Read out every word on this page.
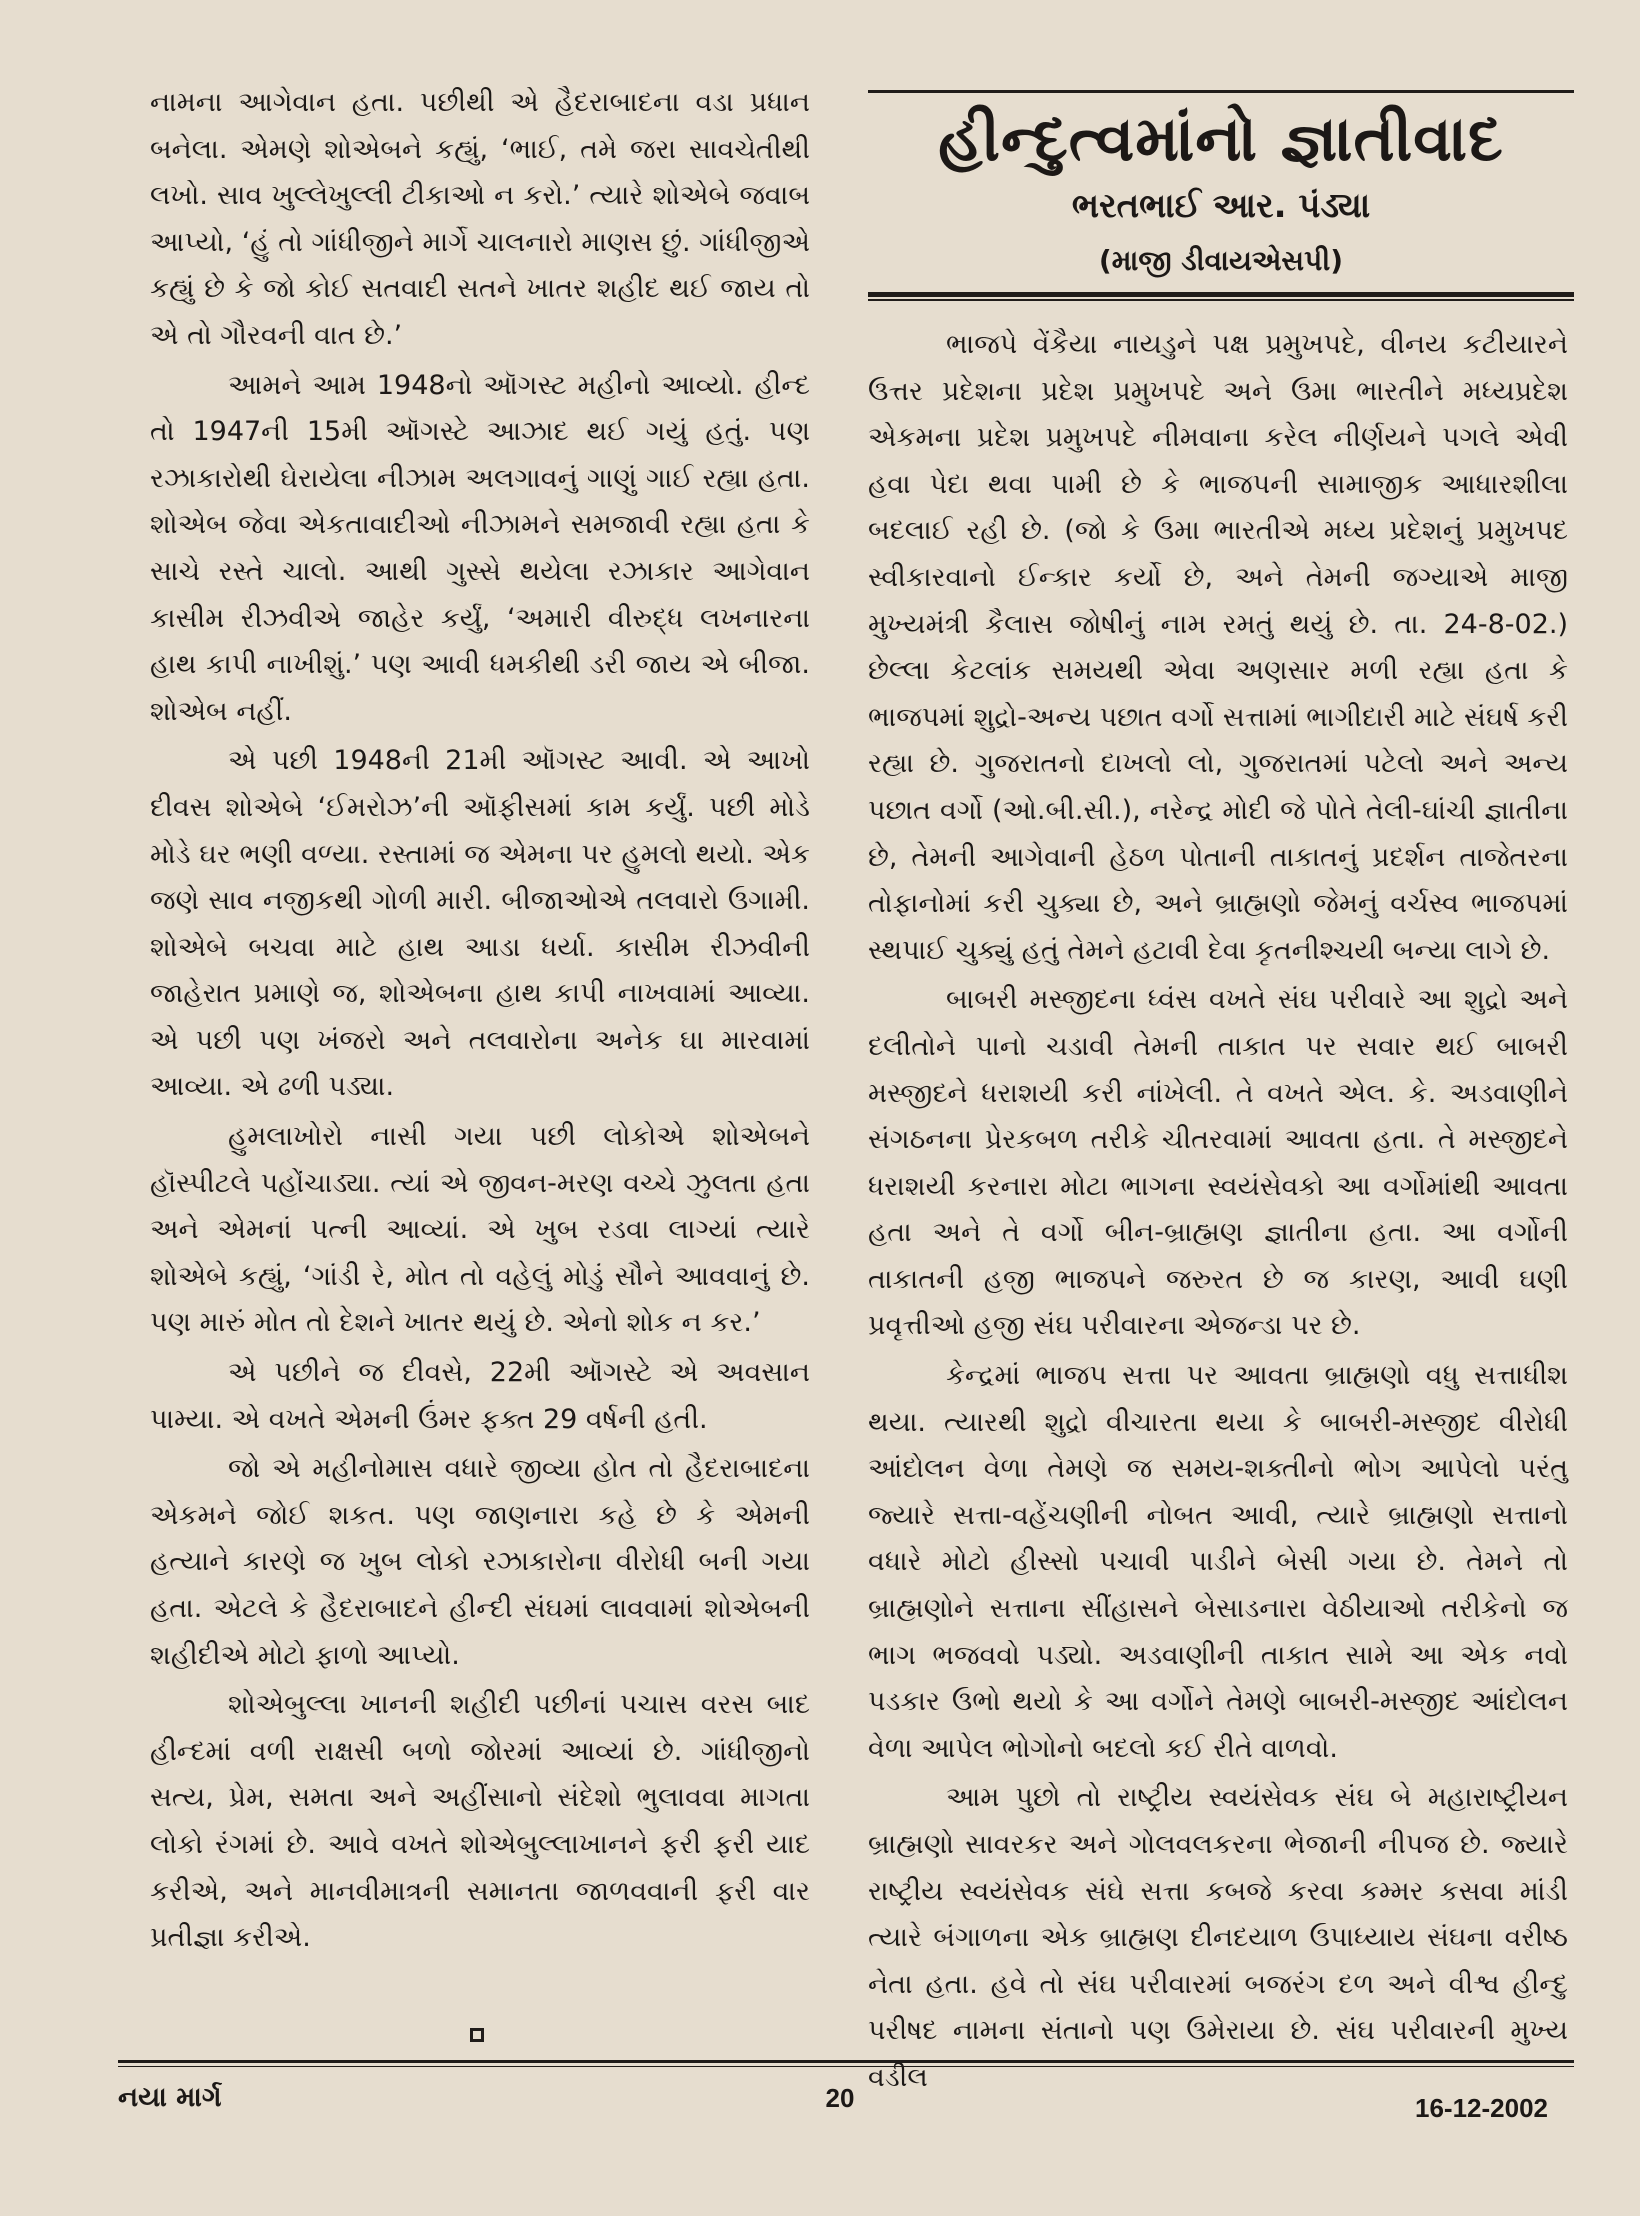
નામના આગેવાન હતા. પછીથી એ હૈદરાબાદના વડા પ્રધાન બનેલા. એમણે શોએબને કહ્યું, ‘ભાઈ, તમે જરા સાવચેતીથી લખો. સાવ ખુલ્લેખુલ્લી ટીકાઓ ન કરો.’ ત્યારે શોએબે જવાબ આપ્યો, ‘હું તો ગાંધીજીને માર્ગે ચાલનારો માણસ છું. ગાંધીજીએ કહ્યું છે કે જો કોઈ સતવાદી સતને ખાતર શહીદ થઈ જાય તો એ તો ગૌરવની વાત છે.’

આમને આમ 1948નો ઑગસ્ટ મહીનો આવ્યો. હીન્દ તો 1947ની 15મી ઑગસ્ટે આઝાદ થઈ ગયું હતું. પણ રઝાકારોથી ઘેરાયેલા નીઝામ અલગાવનું ગાણું ગાઈ રહ્યા હતા. શોએબ જેવા એકતાવાદીઓ નીઝામને સમજાવી રહ્યા હતા કે સાચે રસ્તે ચાલો. આથી ગુસ્સે થયેલા રઝાકાર આગેવાન કાસીમ રીઝવીએ જાહેર કર્યું, ‘અમારી વીરુદ્ધ લખનારના હાથ કાપી નાખીશું.’ પણ આવી ધમકીથી ડરી જાય એ બીજા. શોએબ નહીં.

એ પછી 1948ની 21મી ઑગસ્ટ આવી. એ આખો દીવસ શોએબે ‘ઈમરોઝ’ની ઑફીસમાં કામ કર્યું. પછી મોડે મોડે ઘર ભણી વળ્યા. રસ્તામાં જ એમના પર હુમલો થયો. એક જણે સાવ નજીકથી ગોળી મારી. બીજાઓએ તલવારો ઉગામી. શોએબે બચવા માટે હાથ આડા ધર્યા. કાસીમ રીઝવીની જાહેરાત પ્રમાણે જ, શોએબના હાથ કાપી નાખવામાં આવ્યા. એ પછી પણ ખંજરો અને તલવારોના અનેક ઘા મારવામાં આવ્યા. એ ઢળી પડ્યા.

હુમલાખોરો નાસી ગયા પછી લોકોએ શોએબને હૉસ્પીટલે પહોંચાડ્યા. ત્યાં એ જીવન-મરણ વચ્ચે ઝુલતા હતા અને એમનાં પત્ની આવ્યાં. એ ખુબ રડવા લાગ્યાં ત્યારે શોએબે કહ્યું, ‘ગાંડી રે, મોત તો વહેલું મોડું સૌને આવવાનું છે. પણ મારું મોત તો દેશને ખાતર થયું છે. એનો શોક ન કર.’

એ પછીને જ દીવસે, 22મી ઑગસ્ટે એ અવસાન પામ્યા. એ વખતે એમની ઉંમર ફક્ત 29 વર્ષની હતી.

જો એ મહીનોમાસ વધારે જીવ્યા હોત તો હૈદરાબાદના એકમને જોઈ શકત. પણ જાણનારા કહે છે કે એમની હત્યાને કારણે જ ખુબ લોકો રઝાકારોના વીરોધી બની ગયા હતા. એટલે કે હૈદરાબાદને હીન્દી સંઘમાં લાવવામાં શોએબની શહીદીએ મોટો ફાળો આપ્યો.

શોએબુલ્લા ખાનની શહીદી પછીનાં પચાસ વરસ બાદ હીન્દમાં વળી રાક્ષસી બળો જોરમાં આવ્યાં છે. ગાંધીજીનો સત્ય, પ્રેમ, સમતા અને અહીંસાનો સંદેશો ભુલાવવા માગતા લોકો રંગમાં છે. આવે વખતે શોએબુલ્લાખાનને ફરી ફરી યાદ કરીએ, અને માનવીમાત્રની સમાનતા જાળવવાની ફરી વાર પ્રતીજ્ઞા કરીએ.

હીન્દુત્વમાંનો જ્ઞાતીવાદ
ભરતભાઈ આર. પંડ્યા
(માજી ડીવાયએસપી)

ભાજપે વેંકૈયા નાયડુને પક્ષ પ્રમુખપદે, વીનય કટીયારને ઉત્તર પ્રદેશના પ્રદેશ પ્રમુખપદે અને ઉમા ભારતીને મધ્યપ્રદેશ એકમના પ્રદેશ પ્રમુખપદે નીમવાના કરેલ નીર્ણયને પગલે એવી હવા પેદા થવા પામી છે કે ભાજપની સામાજીક આધારશીલા બદલાઈ રહી છે. (જો કે ઉમા ભારતીએ મધ્ય પ્રદેશનું પ્રમુખપદ સ્વીકારવાનો ઈન્કાર કર્યો છે, અને તેમની જગ્યાએ માજી મુખ્યમંત્રી કૈલાસ જોષીનું નામ રમતું થયું છે. તા. 24-8-02.) છેલ્લા કેટલાંક સમયથી એવા અણસાર મળી રહ્યા હતા કે ભાજપમાં શુદ્રો-અન્ય પછાત વર્ગો સત્તામાં ભાગીદારી માટે સંઘર્ષ કરી રહ્યા છે. ગુજરાતનો દાખલો લો, ગુજરાતમાં પટેલો અને અન્ય પછાત વર્ગો (ઓ.બી.સી.), નરેન્દ્ર મોદી જે પોતે તેલી-ઘાંચી જ્ઞાતીના છે, તેમની આગેવાની હેઠળ પોતાની તાકાતનું પ્રદર્શન તાજેતરના તોફાનોમાં કરી ચુક્યા છે, અને બ્રાહ્મણો જેમનું વર્ચસ્વ ભાજપમાં સ્થપાઈ ચુક્યું હતું તેમને હટાવી દેવા કૃતનીશ્ચયી બન્યા લાગે છે.

બાબરી મસ્જીદના ધ્વંસ વખતે સંઘ પરીવારે આ શુદ્રો અને દલીતોને પાનો ચડાવી તેમની તાકાત પર સવાર થઈ બાબરી મસ્જીદને ધરાશયી કરી નાંખેલી. તે વખતે એલ. કે. અડવાણીને સંગઠનના પ્રેરકબળ તરીકે ચીતરવામાં આવતા હતા. તે મસ્જીદને ધરાશયી કરનારા મોટા ભાગના સ્વયંસેવકો આ વર્ગોમાંથી આવતા હતા અને તે વર્ગો બીન-બ્રાહ્મણ જ્ઞાતીના હતા. આ વર્ગોની તાકાતની હજી ભાજપને જરુરત છે જ કારણ, આવી ઘણી પ્રવૃત્તીઓ હજી સંઘ પરીવારના એજન્ડા પર છે.

કેન્દ્રમાં ભાજપ સત્તા પર આવતા બ્રાહ્મણો વધુ સત્તાધીશ થયા. ત્યારથી શુદ્રો વીચારતા થયા કે બાબરી-મસ્જીદ વીરોધી આંદોલન વેળા તેમણે જ સમય-શક્તીનો ભોગ આપેલો પરંતુ જ્યારે સત્તા-વહેંચણીની નોબત આવી, ત્યારે બ્રાહ્મણો સત્તાનો વધારે મોટો હીસ્સો પચાવી પાડીને બેસી ગયા છે. તેમને તો બ્રાહ્મણોને સત્તાના સીંહાસને બેસાડનારા વેઠીયાઓ તરીકેનો જ ભાગ ભજવવો પડ્યો. અડવાણીની તાકાત સામે આ એક નવો પડકાર ઉભો થયો કે આ વર્ગોને તેમણે બાબરી-મસ્જીદ આંદોલન વેળા આપેલ ભોગોનો બદલો કઈ રીતે વાળવો.

આમ પુછો તો રાષ્ટ્રીય સ્વયંસેવક સંઘ બે મહારાષ્ટ્રીયન બ્રાહ્મણો સાવરકર અને ગોલવલકરના ભેજાની નીપજ છે. જ્યારે રાષ્ટ્રીય સ્વયંસેવક સંઘે સત્તા કબજે કરવા કમ્મર કસવા માંડી ત્યારે બંગાળના એક બ્રાહ્મણ દીનદયાળ ઉપાધ્યાય સંઘના વરીષ્ઠ નેતા હતા. હવે તો સંઘ પરીવારમાં બજરંગ દળ અને વીશ્વ હીન્દુ પરીષદ નામના સંતાનો પણ ઉમેરાયા છે. સંઘ પરીવારની મુખ્ય વડીલ

નયા માર્ગ	20	16-12-2002
